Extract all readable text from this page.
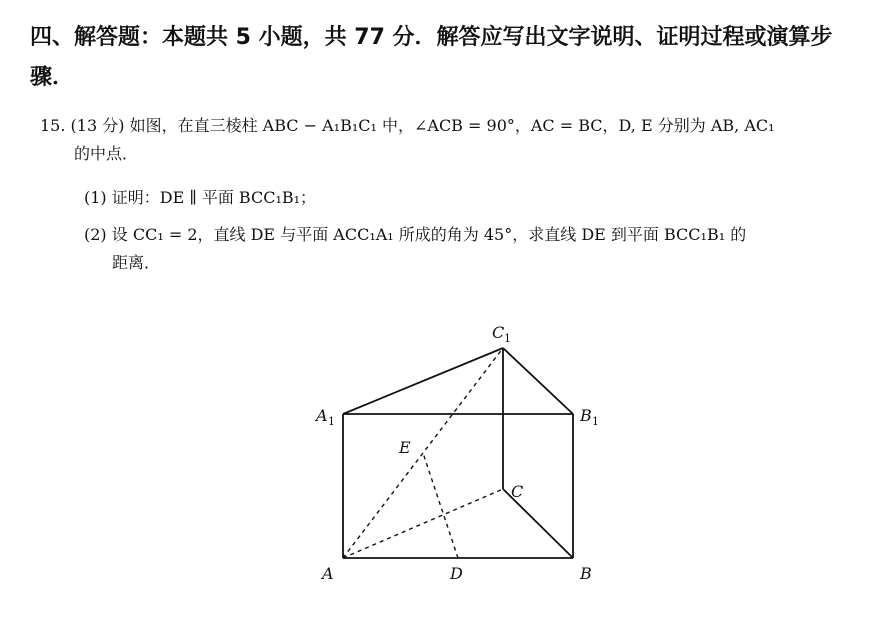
四、解答题：本题共 5 小题，共 77 分．解答应写出文字说明、证明过程或演算步骤．
15. (13 分) 如图，在直三棱柱 ABC − A₁B₁C₁ 中，∠ACB = 90°，AC = BC，D, E 分别为 AB, AC₁
的中点．
(1) 证明：DE ∥ 平面 BCC₁B₁；
(2) 设 CC₁ = 2，直线 DE 与平面 ACC₁A₁ 所成的角为 45°，求直线 DE 到平面 BCC₁B₁ 的
距离．
A	D	B
C
E
A 1	B 1
C 1
